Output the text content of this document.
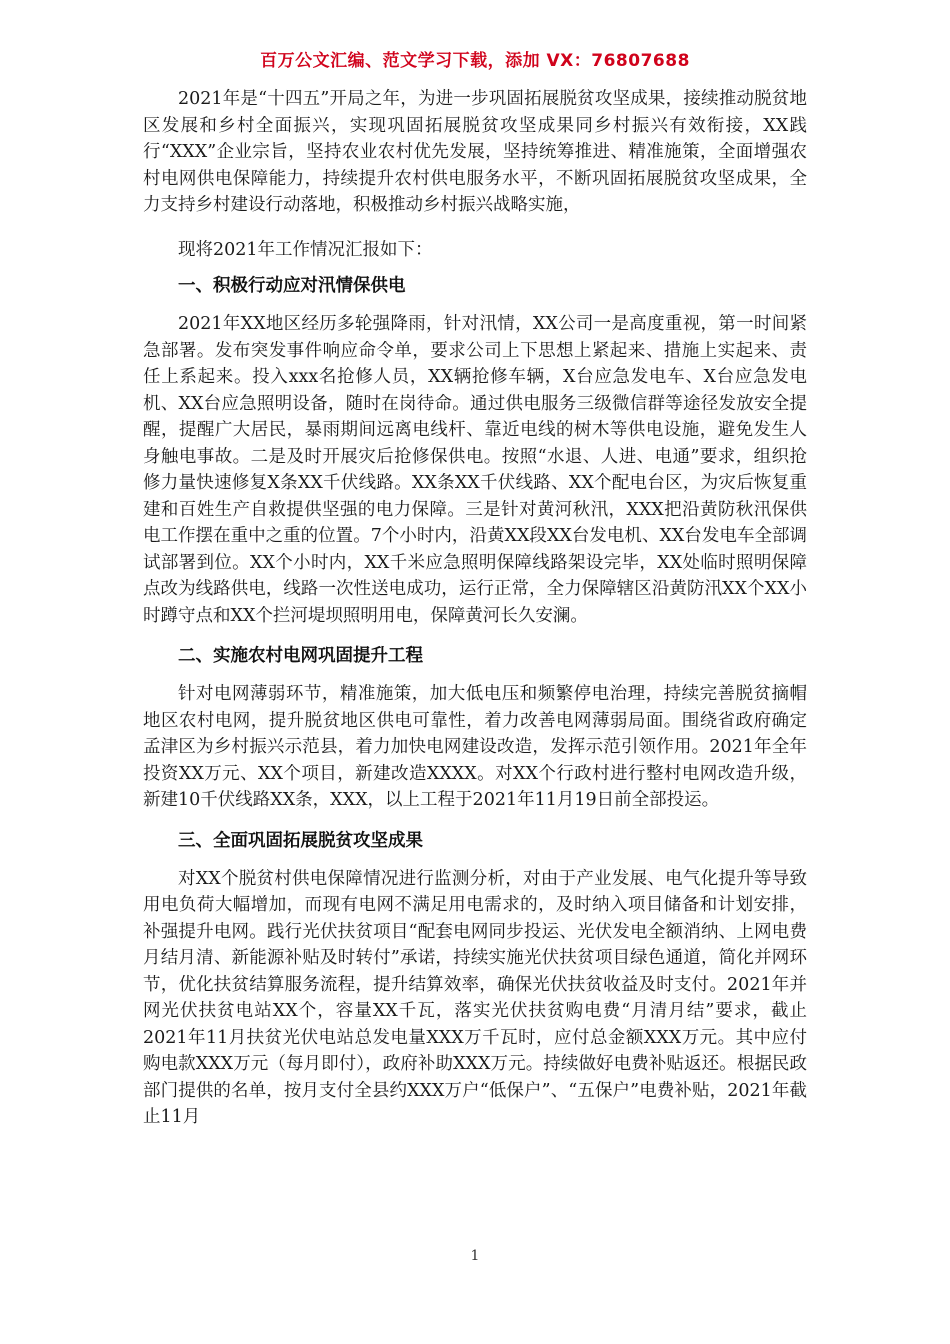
百万公文汇编、范文学习下载，添加 VX：76807688

2021年是“十四五”开局之年，为进一步巩固拓展脱贫攻坚成果，接续推动脱贫地区发展和乡村全面振兴，实现巩固拓展脱贫攻坚成果同乡村振兴有效衔接，XX践行“XXX”企业宗旨，坚持农业农村优先发展，坚持统筹推进、精准施策，全面增强农村电网供电保障能力，持续提升农村供电服务水平，不断巩固拓展脱贫攻坚成果，全力支持乡村建设行动落地，积极推动乡村振兴战略实施，

现将2021年工作情况汇报如下：

一、积极行动应对汛情保供电

2021年XX地区经历多轮强降雨，针对汛情，XX公司一是高度重视，第一时间紧急部署。发布突发事件响应命令单，要求公司上下思想上紧起来、措施上实起来、责任上系起来。投入xxx名抢修人员，XX辆抢修车辆，X台应急发电车、X台应急发电机、XX台应急照明设备，随时在岗待命。通过供电服务三级微信群等途径发放安全提醒，提醒广大居民，暴雨期间远离电线杆、靠近电线的树木等供电设施，避免发生人身触电事故。二是及时开展灾后抢修保供电。按照“水退、人进、电通”要求，组织抢修力量快速修复X条XX千伏线路。XX条XX千伏线路、XX个配电台区，为灾后恢复重建和百姓生产自救提供坚强的电力保障。三是针对黄河秋汛，XXX把沿黄防秋汛保供电工作摆在重中之重的位置。7个小时内，沿黄XX段XX台发电机、XX台发电车全部调试部署到位。XX个小时内，XX千米应急照明保障线路架设完毕，XX处临时照明保障点改为线路供电，线路一次性送电成功，运行正常，全力保障辖区沿黄防汛XX个XX小时蹲守点和XX个拦河堤坝照明用电，保障黄河长久安澜。

二、实施农村电网巩固提升工程

针对电网薄弱环节，精准施策，加大低电压和频繁停电治理，持续完善脱贫摘帽地区农村电网，提升脱贫地区供电可靠性，着力改善电网薄弱局面。围绕省政府确定孟津区为乡村振兴示范县，着力加快电网建设改造，发挥示范引领作用。2021年全年投资XX万元、XX个项目，新建改造XXXX。对XX个行政村进行整村电网改造升级，新建10千伏线路XX条，XXX，以上工程于2021年11月19日前全部投运。

三、全面巩固拓展脱贫攻坚成果

对XX个脱贫村供电保障情况进行监测分析，对由于产业发展、电气化提升等导致用电负荷大幅增加，而现有电网不满足用电需求的，及时纳入项目储备和计划安排，补强提升电网。践行光伏扶贫项目“配套电网同步投运、光伏发电全额消纳、上网电费月结月清、新能源补贴及时转付”承诺，持续实施光伏扶贫项目绿色通道，简化并网环节，优化扶贫结算服务流程，提升结算效率，确保光伏扶贫收益及时支付。2021年并网光伏扶贫电站XX个，容量XX千瓦，落实光伏扶贫购电费“月清月结”要求，截止2021年11月扶贫光伏电站总发电量XXX万千瓦时，应付总金额XXX万元。其中应付购电款XXX万元（每月即付），政府补助XXX万元。持续做好电费补贴返还。根据民政部门提供的名单，按月支付全县约XXX万户“低保户”、“五保户”电费补贴，2021年截止11月

1
